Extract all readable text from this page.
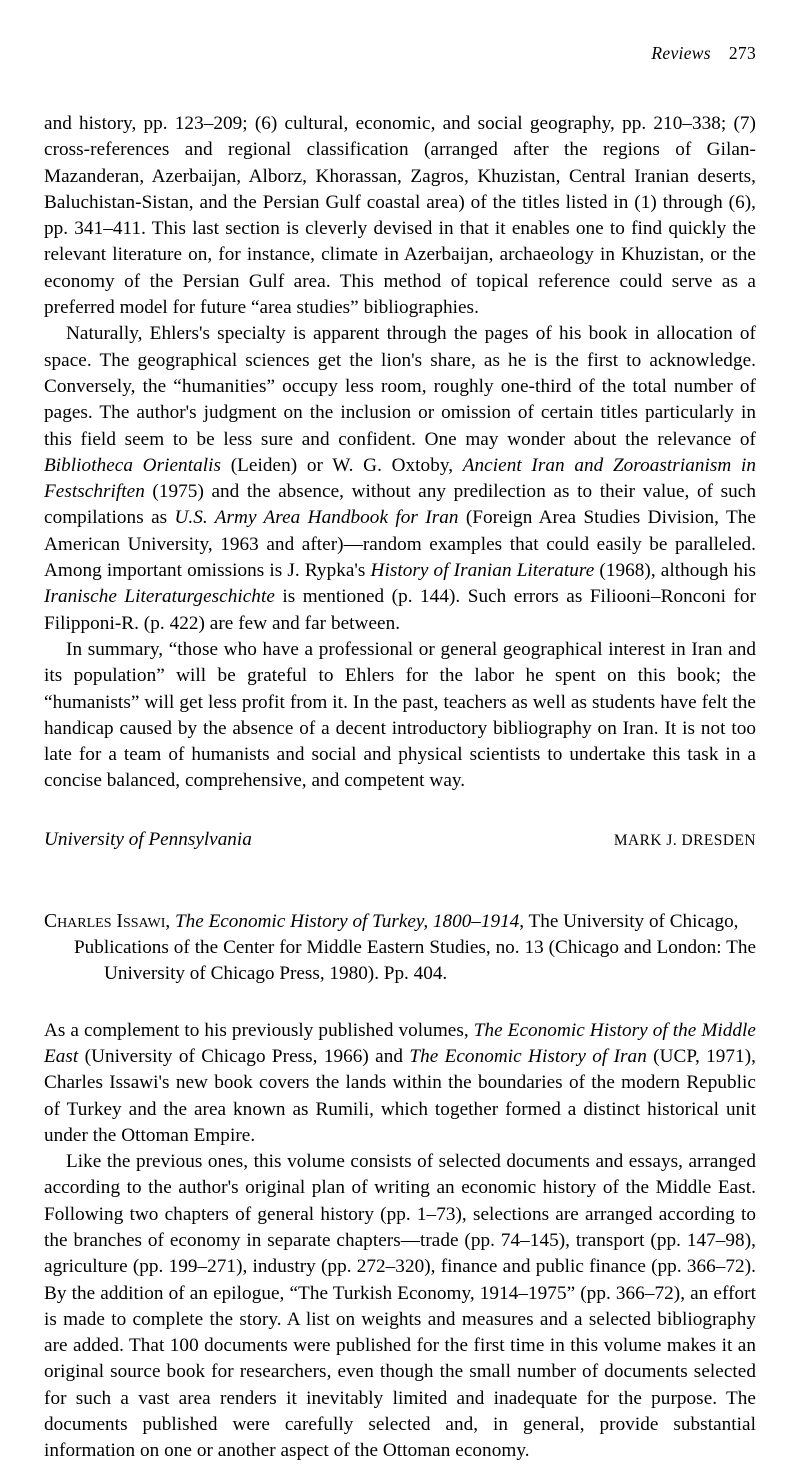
Reviews 273

and history, pp. 123–209; (6) cultural, economic, and social geography, pp. 210–338; (7) cross-references and regional classification (arranged after the regions of Gilan-Mazanderan, Azerbaijan, Alborz, Khorassan, Zagros, Khuzistan, Central Iranian deserts, Baluchistan-Sistan, and the Persian Gulf coastal area) of the titles listed in (1) through (6), pp. 341–411. This last section is cleverly devised in that it enables one to find quickly the relevant literature on, for instance, climate in Azerbaijan, archaeology in Khuzistan, or the economy of the Persian Gulf area. This method of topical reference could serve as a preferred model for future “area studies” bibliographies.

Naturally, Ehlers's specialty is apparent through the pages of his book in allocation of space. The geographical sciences get the lion's share, as he is the first to acknowledge. Conversely, the “humanities” occupy less room, roughly one-third of the total number of pages. The author's judgment on the inclusion or omission of certain titles particularly in this field seem to be less sure and confident. One may wonder about the relevance of Bibliotheca Orientalis (Leiden) or W. G. Oxtoby, Ancient Iran and Zoroastrianism in Festschriften (1975) and the absence, without any predilection as to their value, of such compilations as U.S. Army Area Handbook for Iran (Foreign Area Studies Division, The American University, 1963 and after)—random examples that could easily be paralleled. Among important omissions is J. Rypka's History of Iranian Literature (1968), although his Iranische Literaturgeschichte is mentioned (p. 144). Such errors as Filiooni–Ronconi for Filipponi-R. (p. 422) are few and far between.

In summary, “those who have a professional or general geographical interest in Iran and its population” will be grateful to Ehlers for the labor he spent on this book; the “humanists” will get less profit from it. In the past, teachers as well as students have felt the handicap caused by the absence of a decent introductory bibliography on Iran. It is not too late for a team of humanists and social and physical scientists to undertake this task in a concise balanced, comprehensive, and competent way.

University of Pennsylvania	MARK J. DRESDEN
Charles Issawi, The Economic History of Turkey, 1800–1914, The University of Chicago,
Publications of the Center for Middle Eastern Studies, no. 13 (Chicago and London: The University of Chicago Press, 1980). Pp. 404.

As a complement to his previously published volumes, The Economic History of the Middle East (University of Chicago Press, 1966) and The Economic History of Iran (UCP, 1971), Charles Issawi's new book covers the lands within the boundaries of the modern Republic of Turkey and the area known as Rumili, which together formed a distinct historical unit under the Ottoman Empire.

Like the previous ones, this volume consists of selected documents and essays, arranged according to the author's original plan of writing an economic history of the Middle East. Following two chapters of general history (pp. 1–73), selections are arranged according to the branches of economy in separate chapters—trade (pp. 74–145), transport (pp. 147–98), agriculture (pp. 199–271), industry (pp. 272–320), finance and public finance (pp. 366–72). By the addition of an epilogue, “The Turkish Economy, 1914–1975” (pp. 366–72), an effort is made to complete the story. A list on weights and measures and a selected bibliography are added. That 100 documents were published for the first time in this volume makes it an original source book for researchers, even though the small number of documents selected for such a vast area renders it inevitably limited and inadequate for the purpose. The documents published were carefully selected and, in general, provide substantial information on one or another aspect of the Ottoman economy.
